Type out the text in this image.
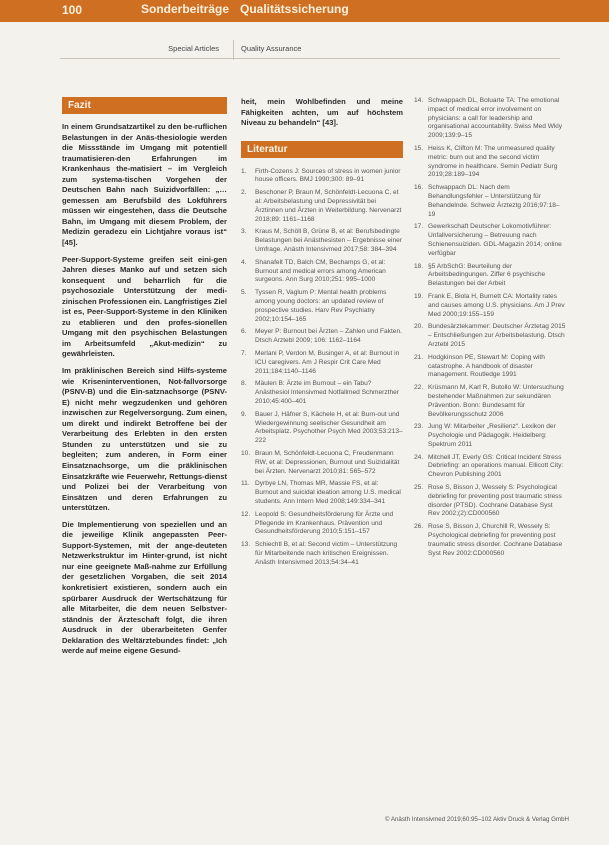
100	Sonderbeiträge Qualitätssicherung
Special Articles	Quality Assurance
Fazit

In einem Grundsatzartikel zu den be-ruflichen Belastungen in der Anäs-thesiologie werden die Missstände im Umgang mit potentiell traumatisieren-den Erfahrungen im Krankenhaus the-matisiert – im Vergleich zum systema-tischen Vorgehen der Deutschen Bahn nach Suizidvorfällen: „…gemessen am Berufsbild des Lokführers müssen wir eingestehen, dass die Deutsche Bahn, im Umgang mit diesem Problem, der Medizin geradezu ein Lichtjahre voraus ist“ [45].

Peer-Support-Systeme greifen seit eini-gen Jahren dieses Manko auf und setzen sich konsequent und beharrlich für die psychosoziale Unterstützung der medi-zinischen Professionen ein. Langfristiges Ziel ist es, Peer-Support-Systeme in den Kliniken zu etablieren und den profes-sionellen Umgang mit den psychischen Belastungen im Arbeitsumfeld „Akut-medizin“ zu gewährleisten.

Im präklinischen Bereich sind Hilfs-systeme wie Kriseninterventionen, Not-fallvorsorge (PSNV-B) und die Ein-satznachsorge (PSNV-E) nicht mehr wegzudenken und gehören inzwischen zur Regelversorgung. Zum einen, um direkt und indirekt Betroffene bei der Verarbeitung des Erlebten in den ersten Stunden zu unterstützen und sie zu begleiten; zum anderen, in Form einer Einsatznachsorge, um die präklinischen Einsatzkräfte wie Feuerwehr, Rettungs-dienst und Polizei bei der Verarbeitung von Einsätzen und deren Erfahrungen zu unterstützen.

Die Implementierung von speziellen und an die jeweilige Klinik angepassten Peer-Support-Systemen, mit der ange-deuteten Netzwerkstruktur im Hinter-grund, ist nicht nur eine geeignete Maß-nahme zur Erfüllung der gesetzlichen Vorgaben, die seit 2014 konkretisiert existieren, sondern auch ein spürbarer Ausdruck der Wertschätzung für alle Mitarbeiter, die dem neuen Selbstver-ständnis der Ärzteschaft folgt, die ihren Ausdruck in der überarbeiteten Genfer Deklaration des Weltärztebundes findet: „Ich werde auf meine eigene Gesund-

heit, mein Wohlbefinden und meine Fähigkeiten achten, um auf höchstem Niveau zu behandeln“ [43].
Literatur
1.	Firth-Cozens J: Sources of stress in women junior house officers. BMJ 1990;300: 89–91
2.	Beschoner P, Braun M, Schönfeldt-Lecuona C, et al: Arbeitsbelastung und Depressivität bei Ärztinnen und Ärzten in Weiterbildung. Nervenarzt 2018;89: 1161–1168
3.	Kraus M, Schöll B, Grüne B, et al: Berufsbedingte Belastungen bei Anästhesisten – Ergebnisse einer Umfrage. Anästh Intensivmed 2017;58: 384–394
4.	Shanafelt TD, Balch CM, Bechamps G, et al: Burnout and medical errors among American surgeons. Ann Surg 2010;251: 995–1000
5.	Tyssen R, Vaglum P: Mental health problems among young doctors: an updated review of prospective studies. Harv Rev Psychiatry 2002;10:154–165
6.	Meyer P: Burnout bei Ärzten – Zahlen und Fakten. Dtsch Arztebl 2009; 106: 1162–1164
7.	Merlani P, Verdon M, Businger A, et al: Burnout in ICU caregivers. Am J Respir Crit Care Med 2011;184:1140–1146
8.	Mäulen B: Ärzte im Burnout – ein Tabu? Anästhesiol Intensivmed Notfallmed Schmerzther 2010;45:400–401
9.	Bauer J, Häfner S, Kächele H, et al: Burn-out und Wiedergewinnung seelischer Gesundheit am Arbeitsplatz. Psychother Psych Med 2003;53:213–222
10. Braun M, Schönfeldt-Lecuona C, Freudenmann RW, et al: Depressionen, Burnout und Suizidalität bei Ärzten. Nervenarzt 2010;81: 565–572
11. Dyrbye LN, Thomas MR, Massie FS, et al: Burnout and suicidal ideation among U.S. medical students. Ann Intern Med 2008;149:334–341
12. Leopold S: Gesundheitsförderung für Ärzte und Pflegende im Krankenhaus. Prävention und Gesundheitsförderung 2010;5:151–157
13. Schiechtl B, et al: Second victim – Unterstützung für Mitarbeitende nach kritischen Ereignissen. Anästh Intensivmed 2013;54:34–41
14. Schwappach DL, Boluarte TA: The emotional impact of medical error involvement on physicians: a call for leadership and organisational accountability. Swiss Med Wkly 2009;139:9–15
15. Heiss K, Clifton M: The unmeasured quality metric: burn out and the second victim syndrome in healthcare. Semin Pediatr Surg 2019;28:189–194
16. Schwappach DL: Nach dem Behandlungsfehler – Unterstützung für Behandelnde. Schweiz Ärzteztg 2016;97:18–19
17. Gewerkschaft Deutscher Lokomotivführer: Unfallversicherung – Betreuung nach Schienensuiziden. GDL-Magazin 2014; online verfügbar
18. §5 ArbSchG: Beurteilung der Arbeitsbedingungen. Ziffer 6 psychische Belastungen bei der Arbeit
19. Frank E, Biola H, Burnett CA: Mortality rates and causes among U.S. physicians. Am J Prev Med 2000;19:155–159
20. Bundesärztekammer: Deutscher Ärztetag 2015 – Entschließungen zur Arbeitsbelastung. Dtsch Arztebl 2015
21. Hodgkinson PE, Stewart M: Coping with catastrophe. A handbook of disaster management. Routledge 1991
22. Krüsmann M, Karl R, Butollo W: Untersuchung bestehender Maßnahmen zur sekundären Prävention. Bonn: Bundesamt für Bevölkerungsschutz 2006
23. Jung W: Mitarbeiter „Resilienz“. Lexikon der Psychologie und Pädagogik. Heidelberg: Spektrum 2011
24. Mitchell JT, Everly GS: Critical Incident Stress Debriefing: an operations manual. Ellicott City: Chevron Publishing 2001
25. Rose S, Bisson J, Wessely S: Psychological debriefing for preventing post traumatic stress disorder (PTSD). Cochrane Database Syst Rev 2002;(2):CD000560
26. Rose S, Bisson J, Churchill R, Wessely S: Psychological debriefing for preventing post traumatic stress disorder. Cochrane Database Syst Rev 2002:CD000560
© Anästh Intensivmed 2019;60:95–102 Aktiv Druck & Verlag GmbH
